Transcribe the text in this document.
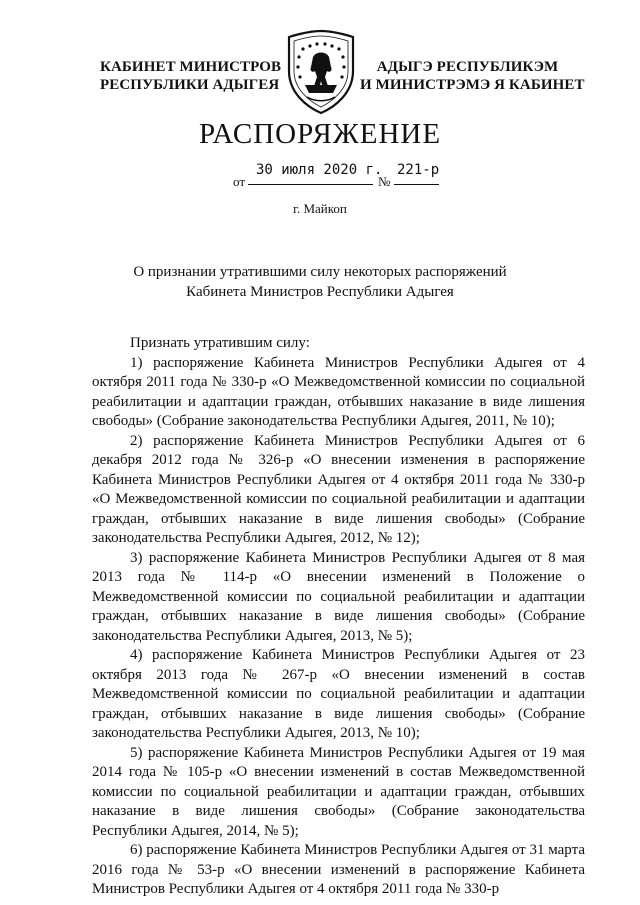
КАБИНЕТ МИНИСТРОВ
РЕСПУБЛИКИ АДЫГЕЯ
АДЫГЭ РЕСПУБЛИКЭМ
И МИНИСТРЭМЭ Я КАБИНЕТ
РАСПОРЯЖЕНИЕ
от
30 июля 2020 г.
№
221-р
г. Майкоп
О признании утратившими силу некоторых распоряжений
Кабинета Министров Республики Адыгея

Признать утратившим силу:

1) распоряжение Кабинета Министров Республики Адыгея от 4 октября 2011 года № 330-р «О Межведомственной комиссии по социальной реабилитации и адаптации граждан, отбывших наказание в виде лишения свободы» (Собрание законодательства Республики Адыгея, 2011, № 10);

2) распоряжение Кабинета Министров Республики Адыгея от 6 декабря 2012 года № 326-р «О внесении изменения в распоряжение Кабинета Министров Республики Адыгея от 4 октября 2011 года № 330-р «О Межведомственной комиссии по социальной реабилитации и адаптации граждан, отбывших наказание в виде лишения свободы» (Собрание законодательства Республики Адыгея, 2012, № 12);

3) распоряжение Кабинета Министров Республики Адыгея от 8 мая 2013 года № 114-р «О внесении изменений в Положение о Межведомственной комиссии по социальной реабилитации и адаптации граждан, отбывших наказание в виде лишения свободы» (Собрание законодательства Республики Адыгея, 2013, № 5);

4) распоряжение Кабинета Министров Республики Адыгея от 23 октября 2013 года № 267-р «О внесении изменений в состав Межведомственной комиссии по социальной реабилитации и адаптации граждан, отбывших наказание в виде лишения свободы» (Собрание законодательства Республики Адыгея, 2013, № 10);

5) распоряжение Кабинета Министров Республики Адыгея от 19 мая 2014 года № 105-р «О внесении изменений в состав Межведомственной комиссии по социальной реабилитации и адаптации граждан, отбывших наказание в виде лишения свободы» (Собрание законодательства Республики Адыгея, 2014, № 5);

6) распоряжение Кабинета Министров Республики Адыгея от 31 марта 2016 года № 53-р «О внесении изменений в распоряжение Кабинета Министров Республики Адыгея от 4 октября 2011 года № 330-р
